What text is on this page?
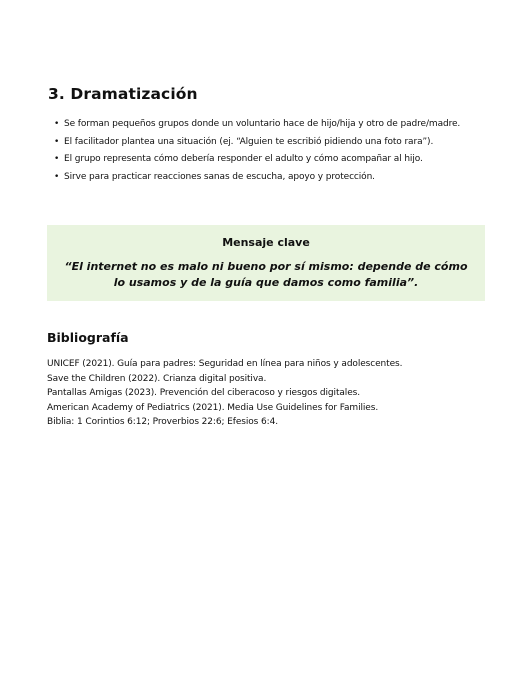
3. Dramatización
• Se forman pequeños grupos donde un voluntario hace de hijo/hija y otro de padre/madre.
• El facilitador plantea una situación (ej. “Alguien te escribió pidiendo una foto rara”).
• El grupo representa cómo debería responder el adulto y cómo acompañar al hijo.
• Sirve para practicar reacciones sanas de escucha, apoyo y protección.
Mensaje clave
“El internet no es malo ni bueno por sí mismo: depende de cómo lo usamos y de la guía que damos como familia”.
Bibliografía
UNICEF (2021). Guía para padres: Seguridad en línea para niños y adolescentes.
Save the Children (2022). Crianza digital positiva.
Pantallas Amigas (2023). Prevención del ciberacoso y riesgos digitales.
American Academy of Pediatrics (2021). Media Use Guidelines for Families.
Biblia: 1 Corintios 6:12; Proverbios 22:6; Efesios 6:4.
